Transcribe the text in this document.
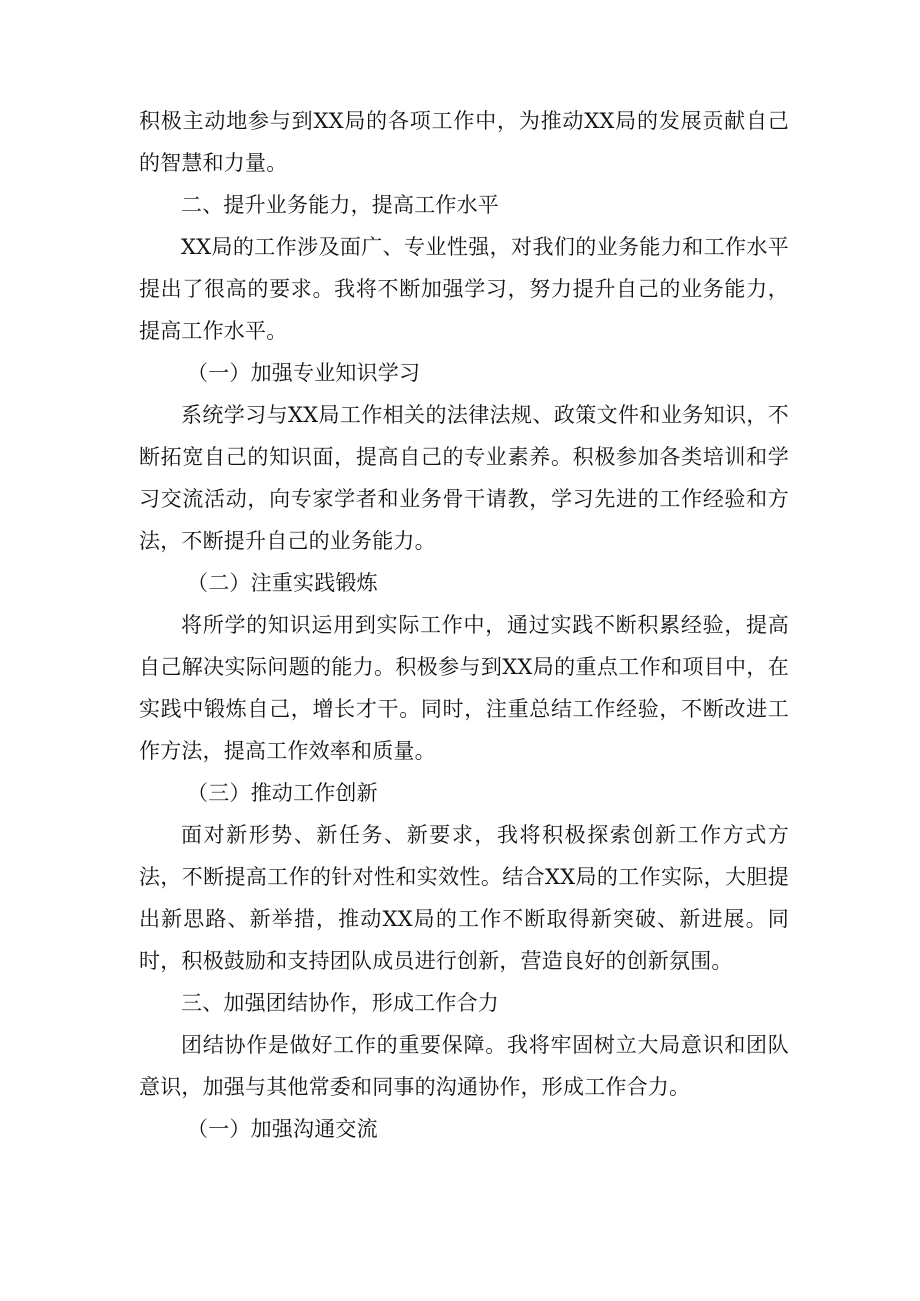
积极主动地参与到XX局的各项工作中，为推动XX局的发展贡献自己的智慧和力量。

二、提升业务能力，提高工作水平

XX局的工作涉及面广、专业性强，对我们的业务能力和工作水平提出了很高的要求。我将不断加强学习，努力提升自己的业务能力，提高工作水平。

（一）加强专业知识学习

系统学习与XX局工作相关的法律法规、政策文件和业务知识，不断拓宽自己的知识面，提高自己的专业素养。积极参加各类培训和学习交流活动，向专家学者和业务骨干请教，学习先进的工作经验和方法，不断提升自己的业务能力。

（二）注重实践锻炼

将所学的知识运用到实际工作中，通过实践不断积累经验，提高自己解决实际问题的能力。积极参与到XX局的重点工作和项目中，在实践中锻炼自己，增长才干。同时，注重总结工作经验，不断改进工作方法，提高工作效率和质量。

（三）推动工作创新

面对新形势、新任务、新要求，我将积极探索创新工作方式方法，不断提高工作的针对性和实效性。结合XX局的工作实际，大胆提出新思路、新举措，推动XX局的工作不断取得新突破、新进展。同时，积极鼓励和支持团队成员进行创新，营造良好的创新氛围。

三、加强团结协作，形成工作合力

团结协作是做好工作的重要保障。我将牢固树立大局意识和团队意识，加强与其他常委和同事的沟通协作，形成工作合力。

（一）加强沟通交流
